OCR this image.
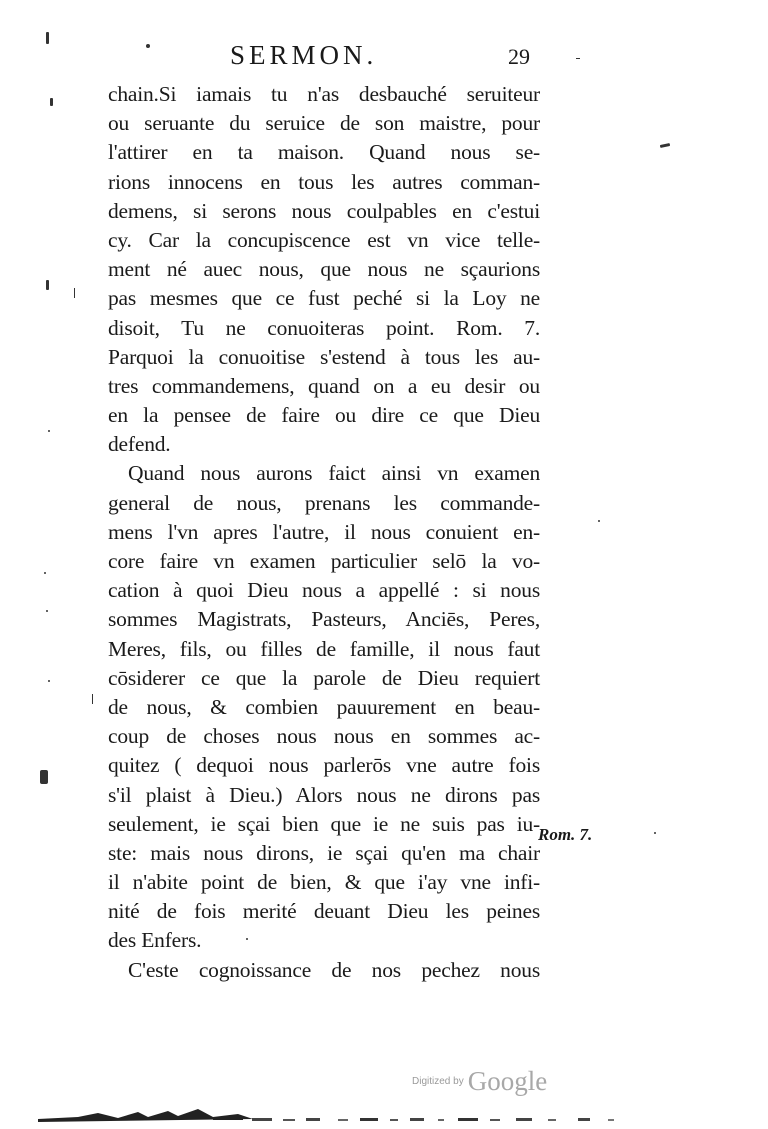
SERMON.	29
chain.Si iamais tu n'as desbauché seruiteur
ou seruante du seruice de son maistre, pour
l'attirer en ta maison. Quand nous se-
rions innocens en tous les autres comman-
demens, si serons nous coulpables en c'estui
cy. Car la concupiscence est vn vice telle-
ment né auec nous, que nous ne sçaurions
pas mesmes que ce fust peché si la Loy ne
disoit, Tu ne conuoiteras point. Rom. 7.
Parquoi la conuoitise s'estend à tous les au-
tres commandemens, quand on a eu desir ou
en la pensee de faire ou dire ce que Dieu
defend.
Quand nous aurons faict ainsi vn examen
general de nous, prenans les commande-
mens l'vn apres l'autre, il nous conuient en-
core faire vn examen particulier selō la vo-
cation à quoi Dieu nous a appellé : si nous
sommes Magistrats, Pasteurs, Anciēs, Peres,
Meres, fils, ou filles de famille, il nous faut
cōsiderer ce que la parole de Dieu requiert
de nous, & combien pauurement en beau-
coup de choses nous nous en sommes ac-
quitez ( dequoi nous parlerōs vne autre fois
s'il plaist à Dieu.) Alors nous ne dirons pas
seulement, ie sçai bien que ie ne suis pas iu-
ste: mais nous dirons, ie sçai qu'en ma chair
il n'abite point de bien, & que i'ay vne infi-
nité de fois merité deuant Dieu les peines
des Enfers.
C'este cognoissance de nos pechez nous
Rom. 7.
Digitized by Google
